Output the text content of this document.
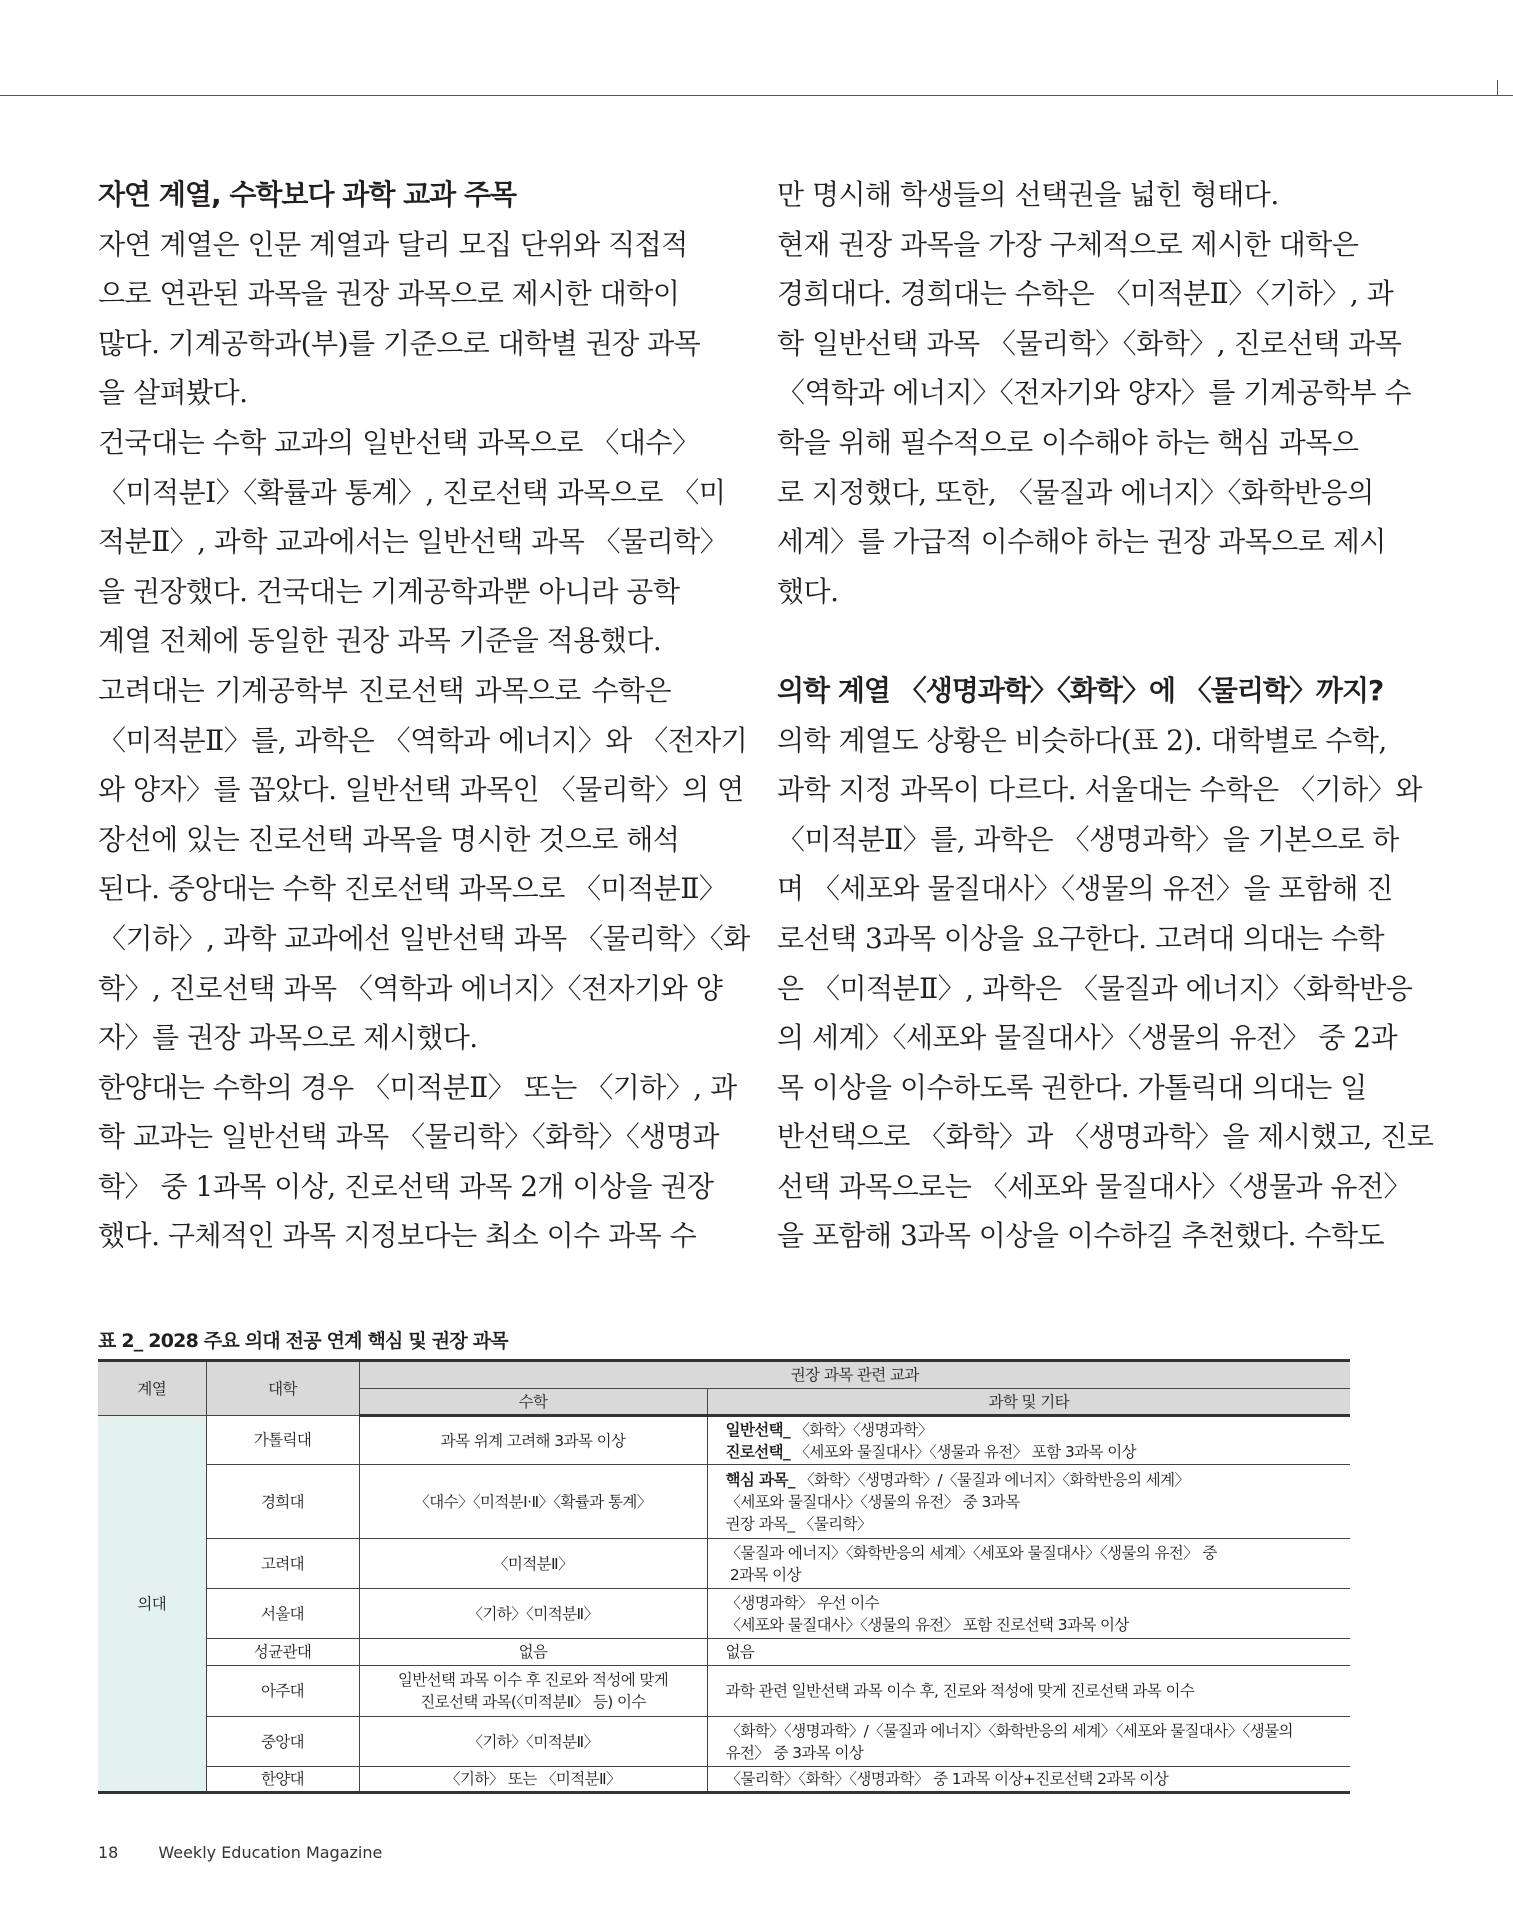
자연 계열, 수학보다 과학 교과 주목
자연 계열은 인문 계열과 달리 모집 단위와 직접적
으로 연관된 과목을 권장 과목으로 제시한 대학이
많다. 기계공학과(부)를 기준으로 대학별 권장 과목
을 살펴봤다.
건국대는 수학 교과의 일반선택 과목으로 〈대수〉
〈미적분Ⅰ〉〈확률과 통계〉, 진로선택 과목으로 〈미
적분Ⅱ〉, 과학 교과에서는 일반선택 과목 〈물리학〉
을 권장했다. 건국대는 기계공학과뿐 아니라 공학
계열 전체에 동일한 권장 과목 기준을 적용했다.
고려대는 기계공학부 진로선택 과목으로 수학은
〈미적분Ⅱ〉를, 과학은 〈역학과 에너지〉와 〈전자기
와 양자〉를 꼽았다. 일반선택 과목인 〈물리학〉의 연
장선에 있는 진로선택 과목을 명시한 것으로 해석
된다. 중앙대는 수학 진로선택 과목으로 〈미적분Ⅱ〉
〈기하〉, 과학 교과에선 일반선택 과목 〈물리학〉〈화
학〉, 진로선택 과목 〈역학과 에너지〉〈전자기와 양
자〉를 권장 과목으로 제시했다.
한양대는 수학의 경우 〈미적분Ⅱ〉 또는 〈기하〉, 과
학 교과는 일반선택 과목 〈물리학〉〈화학〉〈생명과
학〉 중 1과목 이상, 진로선택 과목 2개 이상을 권장
했다. 구체적인 과목 지정보다는 최소 이수 과목 수
만 명시해 학생들의 선택권을 넓힌 형태다.
현재 권장 과목을 가장 구체적으로 제시한 대학은
경희대다. 경희대는 수학은 〈미적분Ⅱ〉〈기하〉, 과
학 일반선택 과목 〈물리학〉〈화학〉, 진로선택 과목
〈역학과 에너지〉〈전자기와 양자〉를 기계공학부 수
학을 위해 필수적으로 이수해야 하는 핵심 과목으
로 지정했다, 또한, 〈물질과 에너지〉〈화학반응의
세계〉를 가급적 이수해야 하는 권장 과목으로 제시
했다.
의학 계열 〈생명과학〉〈화학〉에 〈물리학〉까지?
의학 계열도 상황은 비슷하다(표 2). 대학별로 수학,
과학 지정 과목이 다르다. 서울대는 수학은 〈기하〉와
〈미적분Ⅱ〉를, 과학은 〈생명과학〉을 기본으로 하
며 〈세포와 물질대사〉〈생물의 유전〉을 포함해 진
로선택 3과목 이상을 요구한다. 고려대 의대는 수학
은 〈미적분Ⅱ〉, 과학은 〈물질과 에너지〉〈화학반응
의 세계〉〈세포와 물질대사〉〈생물의 유전〉 중 2과
목 이상을 이수하도록 권한다. 가톨릭대 의대는 일
반선택으로 〈화학〉과 〈생명과학〉을 제시했고, 진로
선택 과목으로는 〈세포와 물질대사〉〈생물과 유전〉
을 포함해 3과목 이상을 이수하길 추천했다. 수학도
표 2_ 2028 주요 의대 전공 연계 핵심 및 권장 과목
계열	대학	권장 과목 관련 교과	
		수학	과학 및 기타
의대	가톨릭대	과목 위계 고려해 3과목 이상	일반선택_ 〈화학〉〈생명과학〉
진로선택_ 〈세포와 물질대사〉〈생물과 유전〉 포함 3과목 이상

	경희대	〈대수〉〈미적분Ⅰ·Ⅱ〉〈확률과 통계〉	핵심 과목_ 〈화학〉〈생명과학〉/〈물질과 에너지〉〈화학반응의 세계〉
〈세포와 물질대사〉〈생물의 유전〉 중 3과목
권장 과목_ 〈물리학〉

	고려대	〈미적분Ⅱ〉	〈물질과 에너지〉〈화학반응의 세계〉〈세포와 물질대사〉〈생물의 유전〉 중
2과목 이상

	서울대	〈기하〉〈미적분Ⅱ〉	〈생명과학〉 우선 이수
〈세포와 물질대사〉〈생물의 유전〉 포함 진로선택 3과목 이상

	성균관대	없음	없음

	아주대	일반선택 과목 이수 후 진로와 적성에 맞게
진로선택 과목(〈미적분Ⅱ〉 등) 이수	과학 관련 일반선택 과목 이수 후, 진로와 적성에 맞게 진로선택 과목 이수

	중앙대	〈기하〉〈미적분Ⅱ〉	〈화학〉〈생명과학〉/〈물질과 에너지〉〈화학반응의 세계〉〈세포와 물질대사〉〈생물의
유전〉 중 3과목 이상

	한양대	〈기하〉 또는 〈미적분Ⅱ〉	〈물리학〉〈화학〉〈생명과학〉 중 1과목 이상+진로선택 2과목 이상
18	Weekly Education Magazine
